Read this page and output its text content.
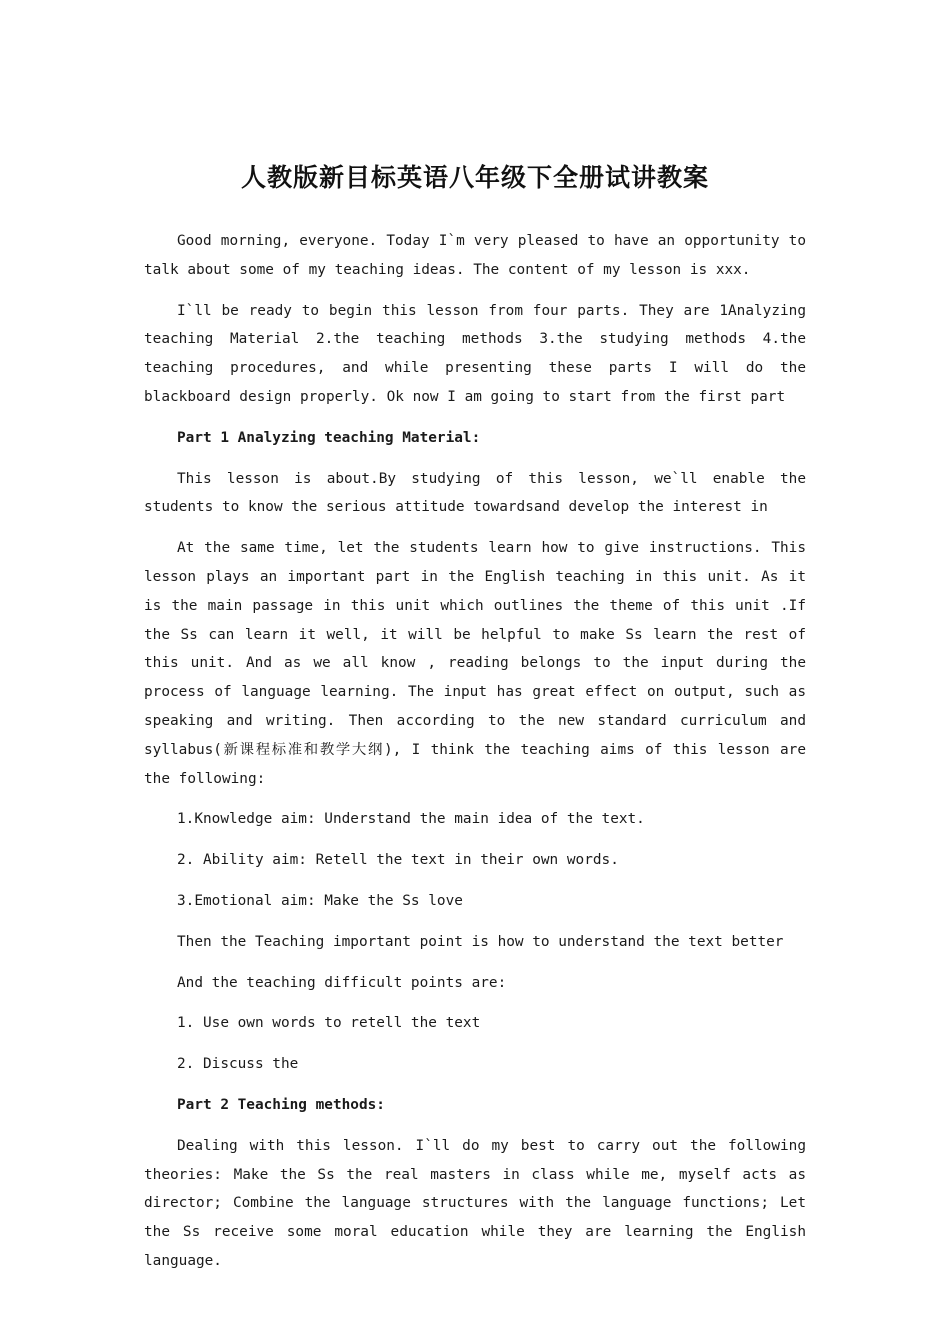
人教版新目标英语八年级下全册试讲教案

Good morning, everyone. Today I`m very pleased to have an opportunity to talk about some of my teaching ideas. The content of my lesson is xxx.

I`ll be ready to begin this lesson from four parts. They are 1Analyzing teaching Material 2.the teaching methods 3.the studying methods 4.the teaching procedures, and while presenting these parts I will do the blackboard design properly. Ok now I am going to start from the first part

Part 1 Analyzing teaching Material:

This lesson is about.By studying of this lesson, we`ll enable the students to know the serious attitude towardsand develop the interest in

At the same time, let the students learn how to give instructions. This lesson plays an important part in the English teaching in this unit. As it is the main passage in this unit which outlines the theme of this unit .If the Ss can learn it well, it will be helpful to make Ss learn the rest of this unit. And as we all know , reading belongs to the input during the process of language learning. The input has great effect on output, such as speaking and writing. Then according to the new standard curriculum and syllabus(新课程标准和教学大纲), I think the teaching aims of this lesson are the following:

1.Knowledge aim: Understand the main idea of the text.

2. Ability aim: Retell the text in their own words.

3.Emotional aim: Make the Ss love

Then the Teaching important point is how to understand the text better

And the teaching difficult points are:

1. Use own words to retell the text

2. Discuss the

Part 2 Teaching methods:

Dealing with this lesson. I`ll do my best to carry out the following theories: Make the Ss the real masters in class while me, myself acts as director; Combine the language structures with the language functions; Let the Ss receive some moral education while they are learning the English language.
